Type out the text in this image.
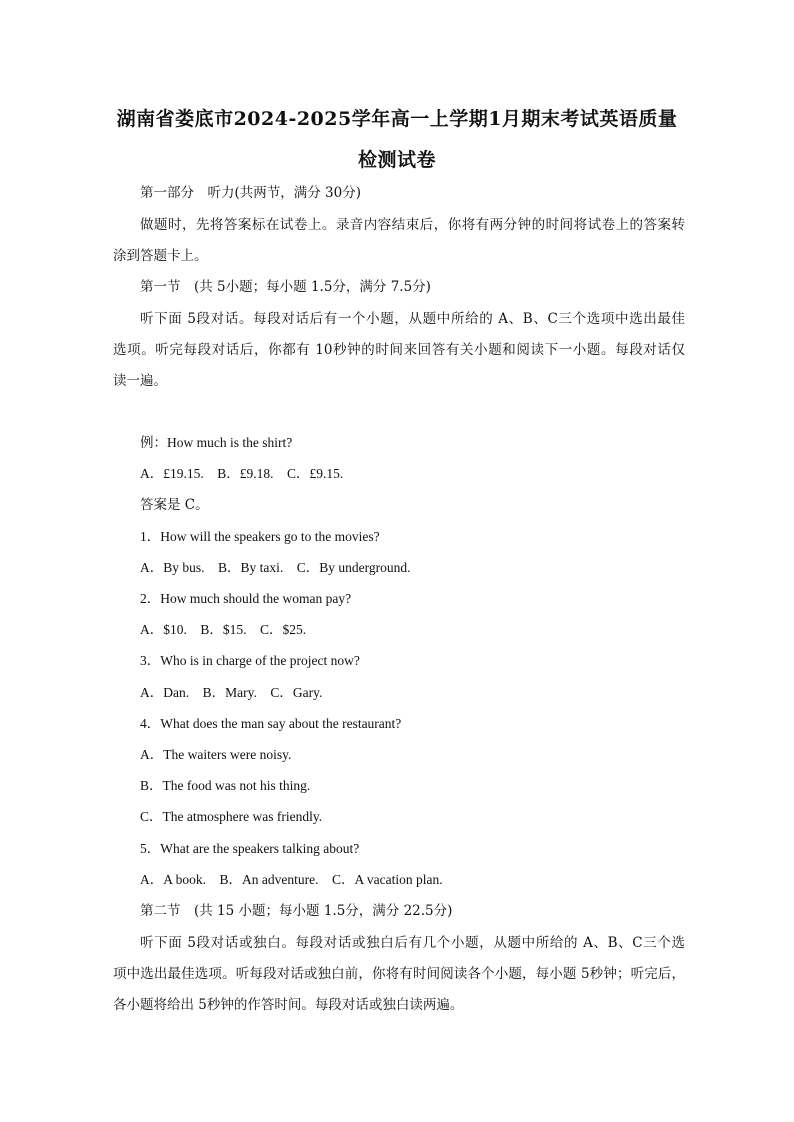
湖南省娄底市2024-2025学年高一上学期1月期末考试英语质量
检测试卷
第一部分　听力(共两节，满分 30分)
做题时，先将答案标在试卷上。录音内容结束后，你将有两分钟的时间将试卷上的答案转
涂到答题卡上。
第一节　(共 5小题；每小题 1.5分，满分 7.5分)
听下面 5段对话。每段对话后有一个小题，从题中所给的 A、B、C三个选项中选出最佳
选项。听完每段对话后，你都有 10秒钟的时间来回答有关小题和阅读下一小题。每段对话仅
读一遍。
例：How much is the shirt?
A．£19.15.　B．£9.18.　C．£9.15.
答案是 C。
1．How will the speakers go to the movies?
A．By bus.　B．By taxi.　C．By underground.
2．How much should the woman pay?
A．$10.　B．$15.　C．$25.
3．Who is in charge of the project now?
A．Dan.　B．Mary.　C．Gary.
4．What does the man say about the restaurant?
A．The waiters were noisy.
B．The food was not his thing.
C．The atmosphere was friendly.
5．What are the speakers talking about?
A．A book.　B．An adventure.　C．A vacation plan.
第二节　(共 15 小题；每小题 1.5分，满分 22.5分)
听下面 5段对话或独白。每段对话或独白后有几个小题，从题中所给的 A、B、C三个选
项中选出最佳选项。听每段对话或独白前，你将有时间阅读各个小题，每小题 5秒钟；听完后，
各小题将给出 5秒钟的作答时间。每段对话或独白读两遍。
